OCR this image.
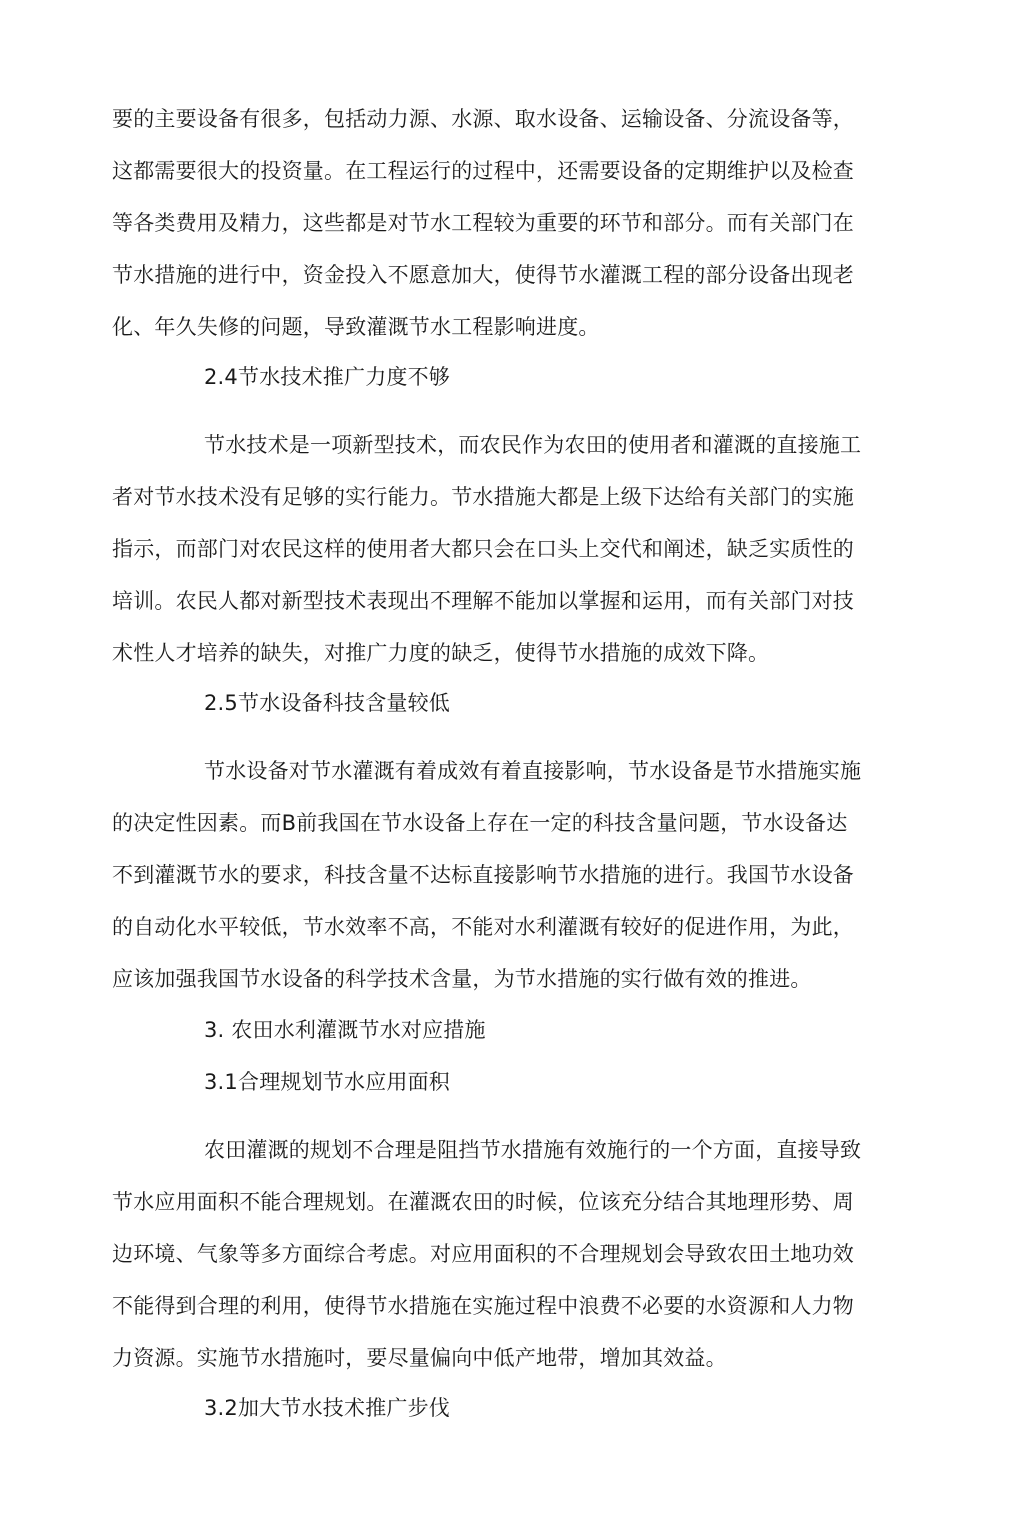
要的主要设备有很多，包括动力源、水源、取水设备、运输设备、分流设备等，
这都需要很大的投资量。在工程运行的过程中，还需要设备的定期维护以及检查
等各类费用及精力，这些都是对节水工程较为重要的环节和部分。而有关部门在
节水措施的进行中，资金投入不愿意加大，使得节水灌溉工程的部分设备出现老
化、年久失修的问题，导致灌溉节水工程影响进度。
2.4节水技术推广力度不够
节水技术是一项新型技术，而农民作为农田的使用者和灌溉的直接施工
者对节水技术没有足够的实行能力。节水措施大都是上级下达给有关部门的实施
指示，而部门对农民这样的使用者大都只会在口头上交代和阐述，缺乏实质性的
培训。农民人都对新型技术表现出不理解不能加以掌握和运用，而有关部门对技
术性人才培养的缺失，对推广力度的缺乏，使得节水措施的成效下降。
2.5节水设备科技含量较低
节水设备对节水灌溉有着成效有着直接影响，节水设备是节水措施实施
的决定性因素。而B前我国在节水设备上存在一定的科技含量问题，节水设备达
不到灌溉节水的要求，科技含量不达标直接影响节水措施的进行。我国节水设备
的自动化水平较低，节水效率不高，不能对水利灌溉有较好的促进作用，为此，
应该加强我国节水设备的科学技术含量，为节水措施的实行做有效的推进。
3. 农田水利灌溉节水对应措施
3.1合理规划节水应用面积
农田灌溉的规划不合理是阻挡节水措施有效施行的一个方面，直接导致
节水应用面积不能合理规划。在灌溉农田的时候，位该充分结合其地理形势、周
边环境、气象等多方面综合考虑。对应用面积的不合理规划会导致农田土地功效
不能得到合理的利用，使得节水措施在实施过程中浪费不必要的水资源和人力物
力资源。实施节水措施吋，要尽量偏向中低产地带，增加其效益。
3.2加大节水技术推广步伐
